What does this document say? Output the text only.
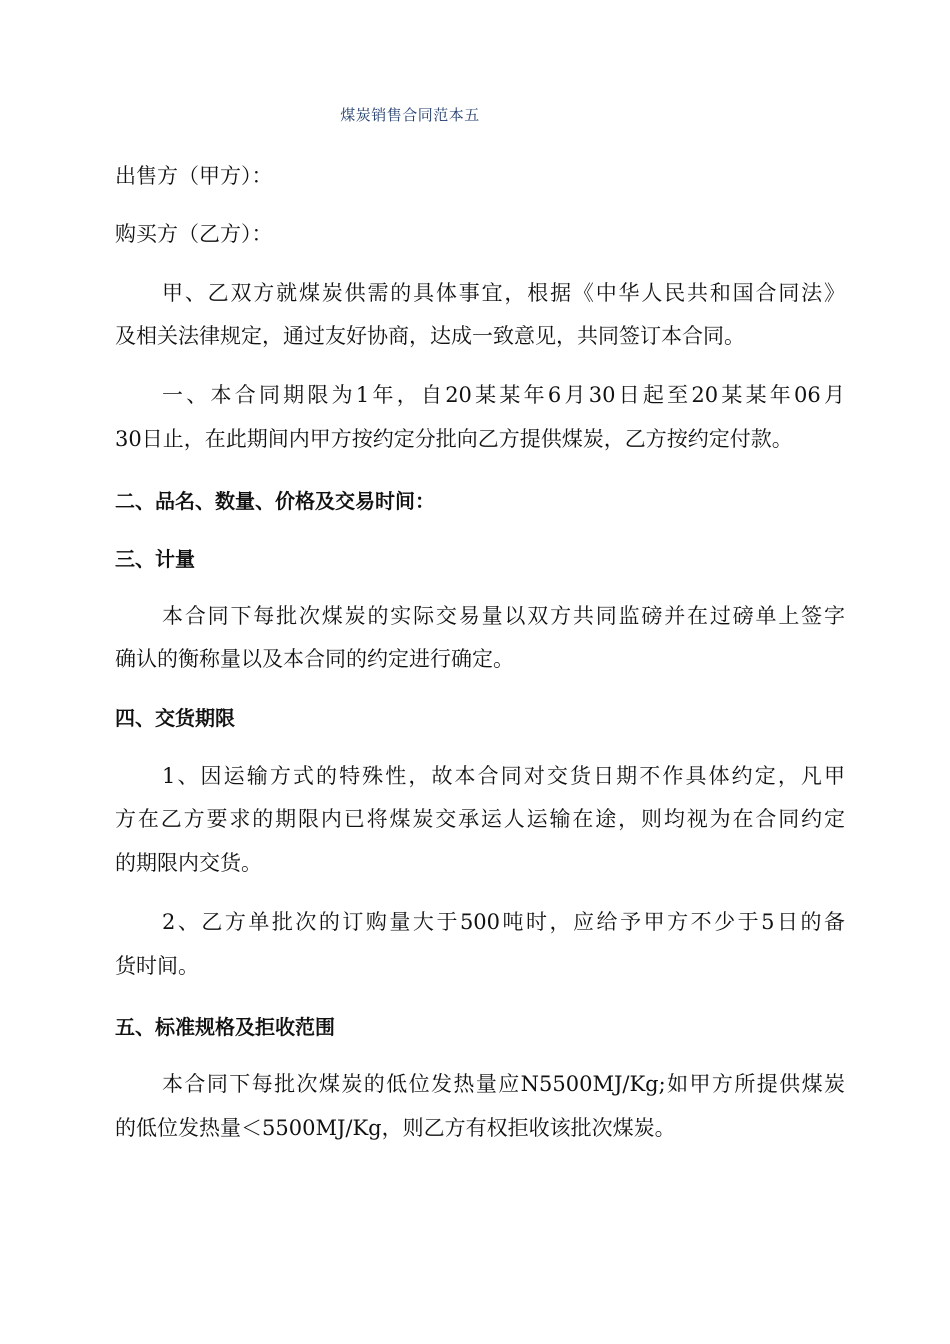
煤炭销售合同范本五
出售方（甲方）：
购买方（乙方）：
甲、乙双方就煤炭供需的具体事宜，根据《中华人民共和国合同法》
及相关法律规定，通过友好协商，达成一致意见，共同签订本合同。
一、本合同期限为1年，自20某某年6月30日起至20某某年06月
30日止，在此期间内甲方按约定分批向乙方提供煤炭，乙方按约定付款。
二、品名、数量、价格及交易时间：
三、计量
本合同下每批次煤炭的实际交易量以双方共同监磅并在过磅单上签字
确认的衡称量以及本合同的约定进行确定。
四、交货期限
1、因运输方式的特殊性，故本合同对交货日期不作具体约定，凡甲
方在乙方要求的期限内已将煤炭交承运人运输在途，则均视为在合同约定
的期限内交货。
2、乙方单批次的订购量大于500吨时，应给予甲方不少于5日的备
货时间。
五、标准规格及拒收范围
本合同下每批次煤炭的低位发热量应N5500MJ/Kg;如甲方所提供煤炭
的低位发热量＜5500MJ/Kg，则乙方有权拒收该批次煤炭。
